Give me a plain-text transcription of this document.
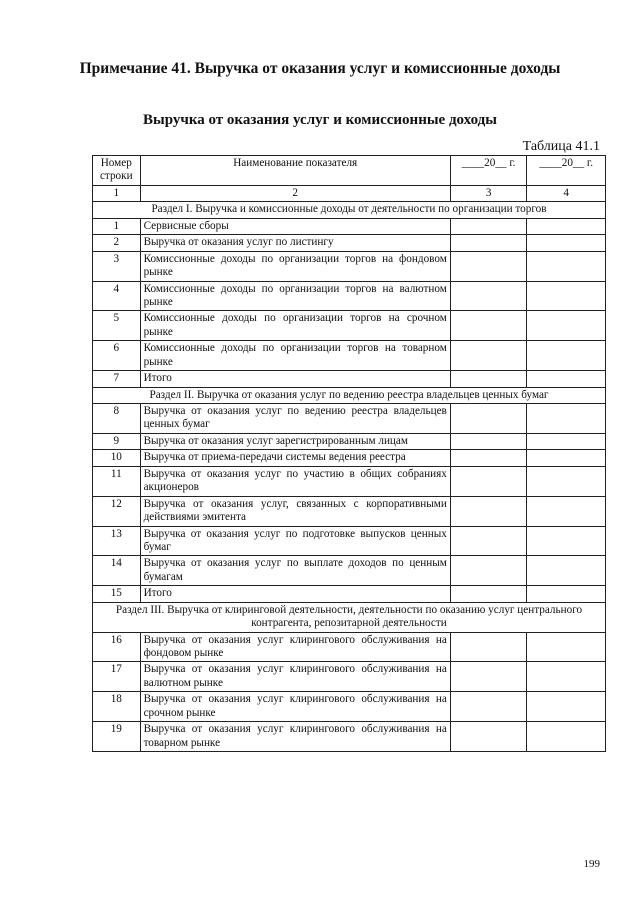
Примечание 41. Выручка от оказания услуг и комиссионные доходы
Выручка от оказания услуг и комиссионные доходы
Таблица 41.1
Номер строки	Наименование показателя	____20__ г.	____20__ г.
1	2	3	4
Раздел I. Выручка и комиссионные доходы от деятельности по организации торгов			
1	Сервисные сборы		
2	Выручка от оказания услуг по листингу		
3	Комиссионные доходы по организации торгов на фондовом рынке		
4	Комиссионные доходы по организации торгов на валютном рынке		
5	Комиссионные доходы по организации торгов на срочном рынке		
6	Комиссионные доходы по организации торгов на товарном рынке		
7	Итого		
Раздел II. Выручка от оказания услуг по ведению реестра владельцев ценных бумаг			
8	Выручка от оказания услуг по ведению реестра владельцев ценных бумаг		
9	Выручка от оказания услуг зарегистрированным лицам		
10	Выручка от приема-передачи системы ведения реестра		
11	Выручка от оказания услуг по участию в общих собраниях акционеров		
12	Выручка от оказания услуг, связанных с корпоративными действиями эмитента		
13	Выручка от оказания услуг по подготовке выпусков ценных бумаг		
14	Выручка от оказания услуг по выплате доходов по ценным бумагам		
15	Итого		
Раздел III. Выручка от клиринговой деятельности, деятельности по оказанию услуг центрального контрагента, репозитарной деятельности			
16	Выручка от оказания услуг клирингового обслуживания на фондовом рынке		
17	Выручка от оказания услуг клирингового обслуживания на валютном рынке		
18	Выручка от оказания услуг клирингового обслуживания на срочном рынке		
19	Выручка от оказания услуг клирингового обслуживания на товарном рынке		
199
